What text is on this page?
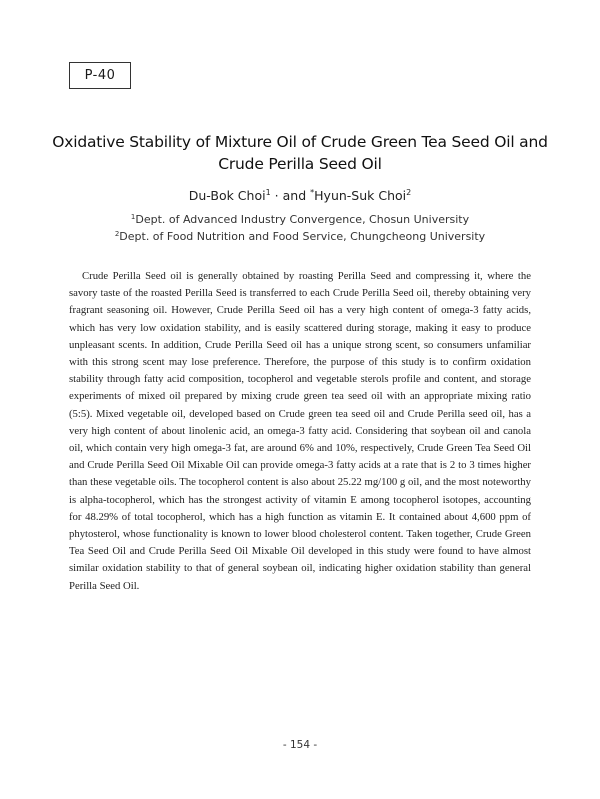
P-40
Oxidative Stability of Mixture Oil of Crude Green Tea Seed Oil and
Crude Perilla Seed Oil
Du-Bok Choi$^1$ · and *Hyun-Suk Choi$^2$
$^1$Dept. of Advanced Industry Convergence, Chosun University
$^2$Dept. of Food Nutrition and Food Service, Chungcheong University

Crude Perilla Seed oil is generally obtained by roasting Perilla Seed and compressing it, where the savory taste of the roasted Perilla Seed is transferred to each Crude Perilla Seed oil, thereby obtaining very fragrant seasoning oil. However, Crude Perilla Seed oil has a very high content of omega-3 fatty acids, which has very low oxidation stability, and is easily scattered during storage, making it easy to produce unpleasant scents. In addition, Crude Perilla Seed oil has a unique strong scent, so consumers unfamiliar with this strong scent may lose preference. Therefore, the purpose of this study is to confirm oxidation stability through fatty acid composition, tocopherol and vegetable sterols profile and content, and storage experiments of mixed oil prepared by mixing crude green tea seed oil with an appropriate mixing ratio (5:5). Mixed vegetable oil, developed based on Crude green tea seed oil and Crude Perilla seed oil, has a very high content of about linolenic acid, an omega-3 fatty acid. Considering that soybean oil and canola oil, which contain very high omega-3 fat, are around 6% and 10%, respectively, Crude Green Tea Seed Oil and Crude Perilla Seed Oil Mixable Oil can provide omega-3 fatty acids at a rate that is 2 to 3 times higher than these vegetable oils. The tocopherol content is also about 25.22 mg/100 g oil, and the most noteworthy is alpha-tocopherol, which has the strongest activity of vitamin E among tocopherol isotopes, accounting for 48.29% of total tocopherol, which has a high function as vitamin E. It contained about 4,600 ppm of phytosterol, whose functionality is known to lower blood cholesterol content. Taken together, Crude Green Tea Seed Oil and Crude Perilla Seed Oil Mixable Oil developed in this study were found to have almost similar oxidation stability to that of general soybean oil, indicating higher oxidation stability than general Perilla Seed Oil.

- 154 -
